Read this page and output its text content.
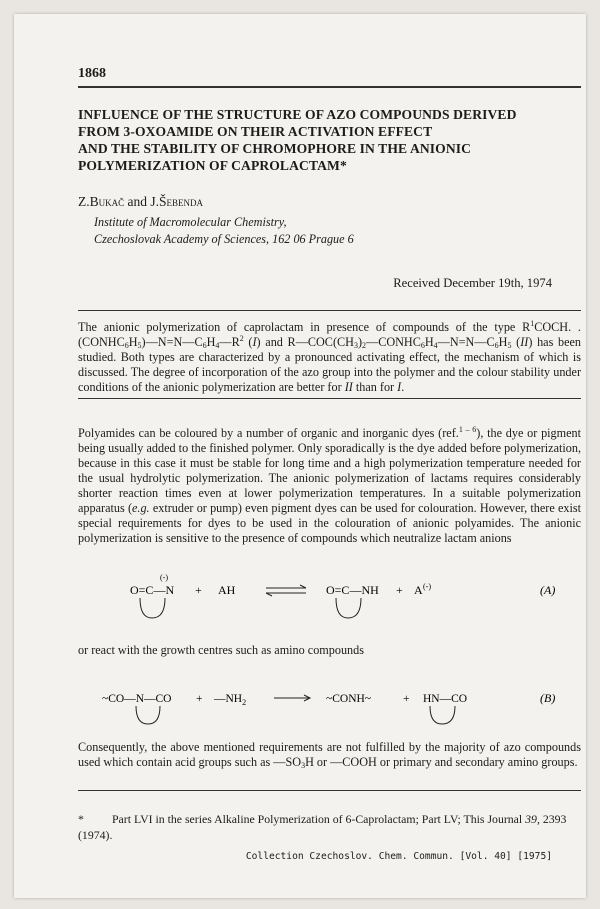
1868
INFLUENCE OF THE STRUCTURE OF AZO COMPOUNDS DERIVED
FROM 3-OXOAMIDE ON THEIR ACTIVATION EFFECT
AND THE STABILITY OF CHROMOPHORE IN THE ANIONIC
POLYMERIZATION OF CAPROLACTAM*
Z.Bukač and J.Šebenda
Institute of Macromolecular Chemistry,
Czechoslovak Academy of Sciences, 162 06 Prague 6
Received December 19th, 1974

The anionic polymerization of caprolactam in presence of compounds of the type $R^1COCH$. $.(CONHC_6H_5)—N=N—C_6H_4—R^2$ (I) and $R—COC(CH_3)_2—CONHC_6H_4—N=N—C_6H_5$ (II) has been studied. Both types are characterized by a pronounced activating effect, the mechanism of which is discussed. The degree of incorporation of the azo group into the polymer and the colour stability under conditions of the anionic polymerization are better for II than for I.

Polyamides can be coloured by a number of organic and inorganic dyes (ref.$^{1 - 6}$), the dye or pigment being usually added to the finished polymer. Only sporadically is the dye added before polymerization, because in this case it must be stable for long time and a high polymerization temperature needed for the usual hydrolytic polymerization. The anionic polymerization of lactams requires considerably shorter reaction times even at lower polymerization temperatures. In a suitable polymerization apparatus (e.g. extruder or pump) even pigment dyes can be used for colouration. However, there exist special requirements for dyes to be used in the colouration of anionic polyamides. The anionic polymerization is sensitive to the presence of compounds which neutralize lactam anions

O=C—N
(-)
+ AH	O=C—NH + A (-)	(A)

or react with the growth centres such as amino compounds

~CO—N—CO + $—NH_2$	~CONH~	+ HN—CO	(B)

Consequently, the above mentioned requirements are not fulfilled by the majority of azo compounds used which contain acid groups such as $—SO_3H$ or —COOH or primary and secondary amino groups.

* Part LVI in the series Alkaline Polymerization of 6-Caprolactam; Part LV; This Journal 39, 2393 (1974).
Collection Czechoslov. Chem. Commun. [Vol. 40] [1975]
